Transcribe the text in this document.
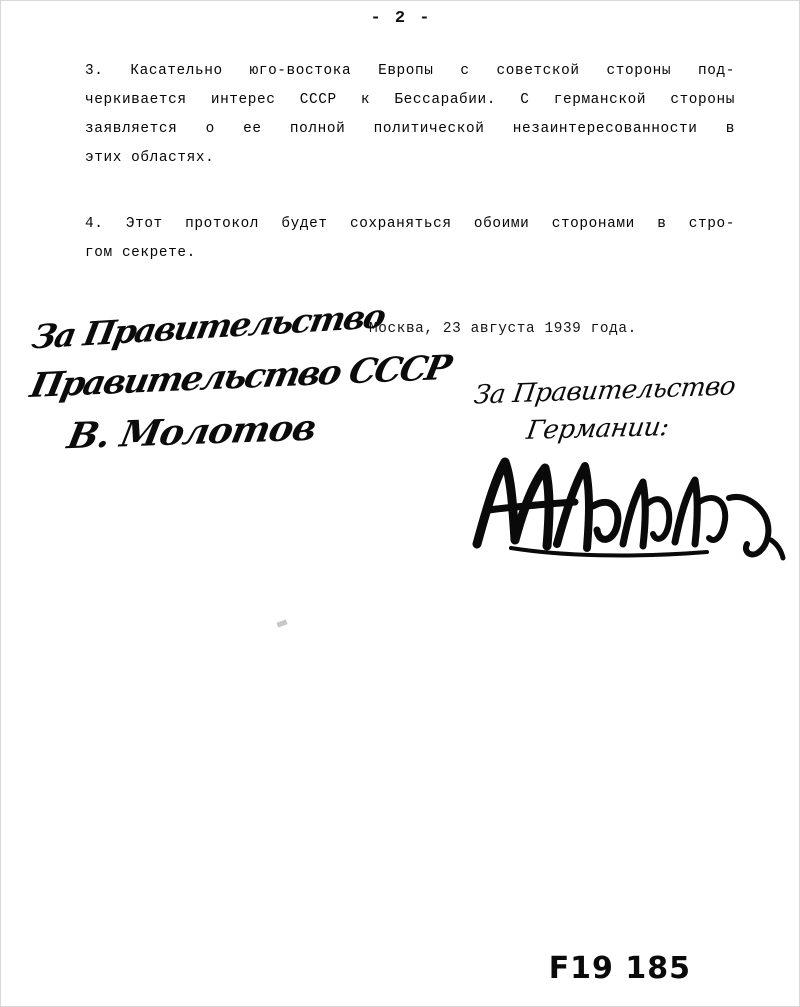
- 2 -
3. Касательно юго-востока Европы с советской стороны под-
черкивается интерес СССР к Бессарабии. С германской стороны
заявляется о ее полной политической незаинтересованности в
этих областях.
4. Этот протокол будет сохраняться обоими сторонами в стро-
гом секрете.
Москва, 23 августа 1939 года.

За Правительство

Правительство СССР

В. Молотов

За Правительство

Германии:

F19 185
